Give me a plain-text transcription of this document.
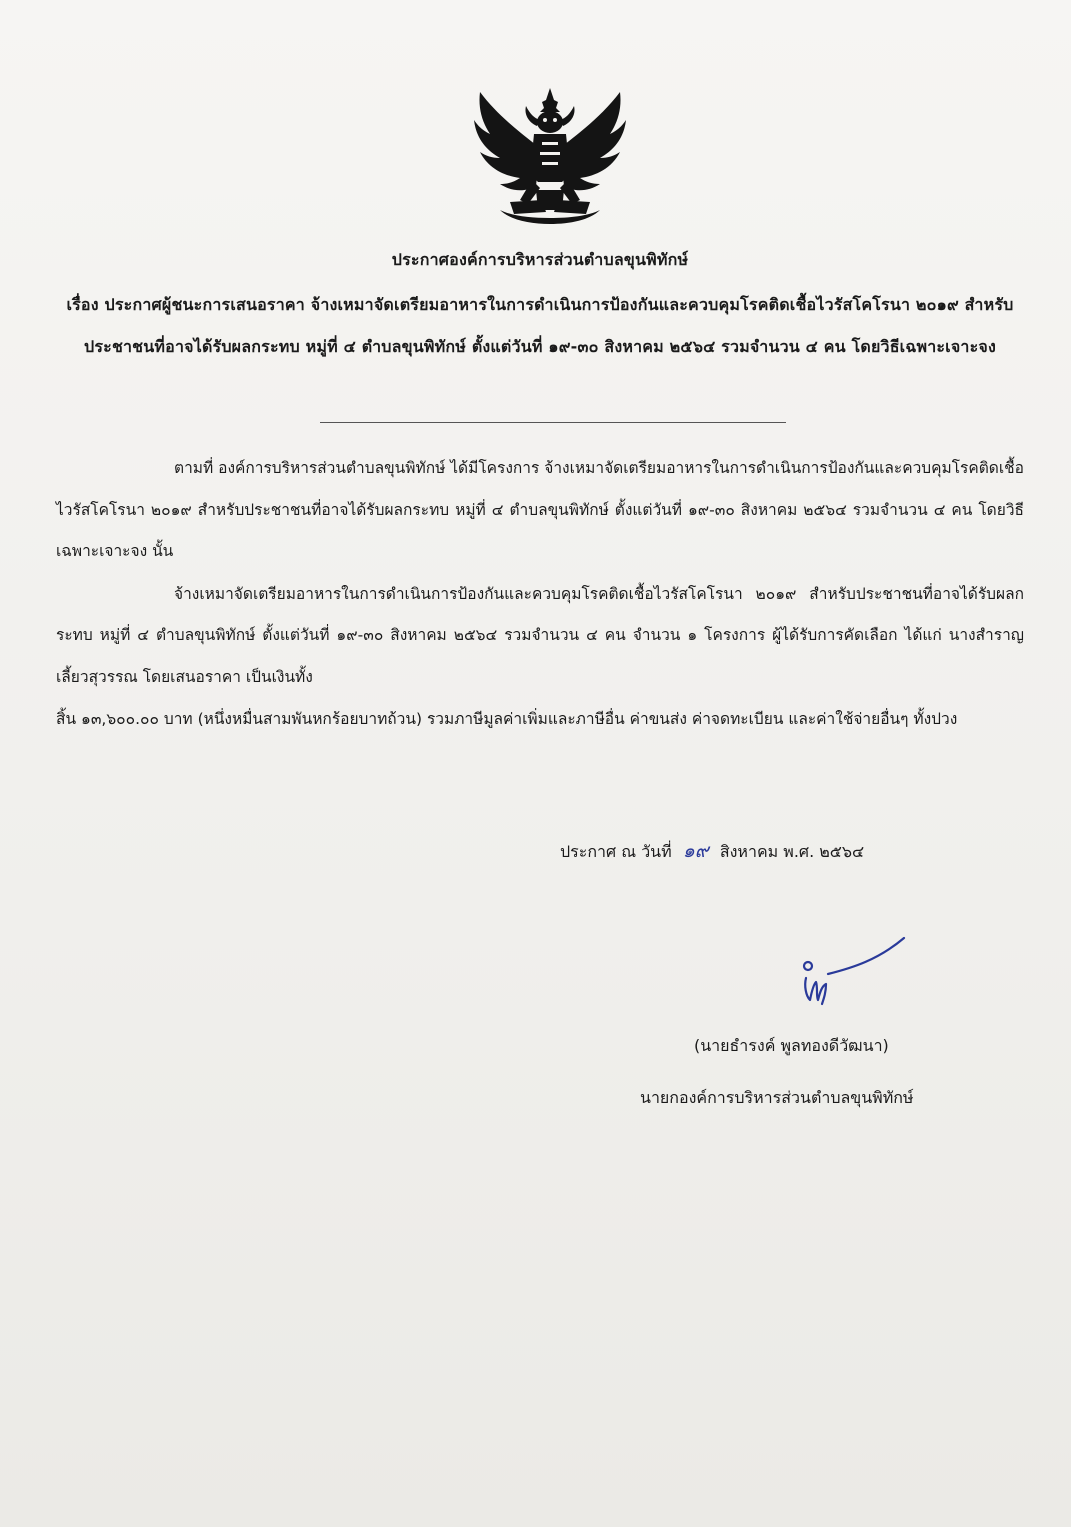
ประกาศองค์การบริหารส่วนตำบลขุนพิทักษ์
เรื่อง ประกาศผู้ชนะการเสนอราคา จ้างเหมาจัดเตรียมอาหารในการดำเนินการป้องกันและควบคุมโรคติดเชื้อไวรัสโคโรนา ๒๐๑๙ สำหรับประชาชนที่อาจได้รับผลกระทบ หมู่ที่ ๔ ตำบลขุนพิทักษ์ ตั้งแต่วันที่ ๑๙-๓๐ สิงหาคม ๒๕๖๔ รวมจำนวน ๔ คน โดยวิธีเฉพาะเจาะจง

ตามที่ องค์การบริหารส่วนตำบลขุนพิทักษ์ ได้มีโครงการ จ้างเหมาจัดเตรียมอาหารในการดำเนินการป้องกันและควบคุมโรคติดเชื้อไวรัสโคโรนา ๒๐๑๙ สำหรับประชาชนที่อาจได้รับผลกระทบ หมู่ที่ ๔ ตำบลขุนพิทักษ์ ตั้งแต่วันที่ ๑๙-๓๐ สิงหาคม ๒๕๖๔ รวมจำนวน ๔ คน โดยวิธีเฉพาะเจาะจง นั้น

จ้างเหมาจัดเตรียมอาหารในการดำเนินการป้องกันและควบคุมโรคติดเชื้อไวรัสโคโรนา ๒๐๑๙ สำหรับประชาชนที่อาจได้รับผลกระทบ หมู่ที่ ๔ ตำบลขุนพิทักษ์ ตั้งแต่วันที่ ๑๙-๓๐ สิงหาคม ๒๕๖๔ รวมจำนวน ๔ คน จำนวน ๑ โครงการ ผู้ได้รับการคัดเลือก ได้แก่ นางสำราญ เลี้ยวสุวรรณ โดยเสนอราคา เป็นเงินทั้ง

สิ้น ๑๓,๖๐๐.๐๐ บาท (หนึ่งหมื่นสามพันหกร้อยบาทถ้วน) รวมภาษีมูลค่าเพิ่มและภาษีอื่น ค่าขนส่ง ค่าจดทะเบียน และค่าใช้จ่ายอื่นๆ ทั้งปวง

ประกาศ ณ วันที่ ๑๙ สิงหาคม พ.ศ. ๒๕๖๔
(นายธำรงค์ พูลทองดีวัฒนา)
นายกองค์การบริหารส่วนตำบลขุนพิทักษ์
